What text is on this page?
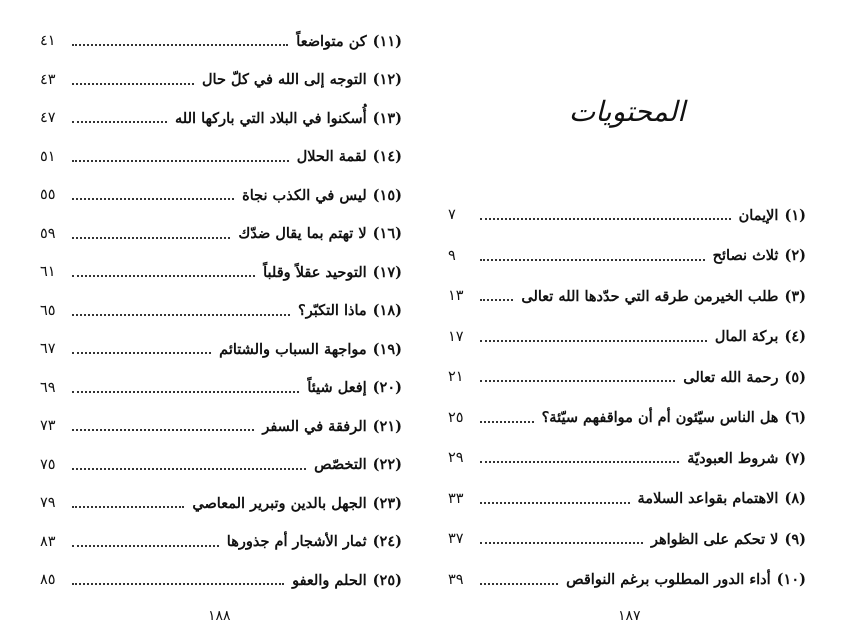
(١١)
كن متواضعاً
٤١
(١٢)
التوجه إلى الله في كلّ حال
٤٣
(١٣)
أُسكنوا في البلاد التي باركها الله
٤٧
(١٤)
لقمة الحلال
٥١
(١٥)
ليس في الكذب نجاة
٥٥
(١٦)
لا تهتم بما يقال ضدّك
٥٩
(١٧)
التوحيد عقلاً وقلباً
٦١
(١٨)
ماذا التكبّر؟
٦٥
(١٩)
مواجهة السباب والشتائم
٦٧
(٢٠)
إفعل شيئاً
٦٩
(٢١)
الرفقة في السفر
٧٣
(٢٢)
التخصّص
٧٥
(٢٣)
الجهل بالدين وتبرير المعاصي
٧٩
(٢٤)
ثمار الأشجار أم جذورها
٨٣
(٢٥)
الحلم والعفو
٨٥
١٨٨
المحتويات
(١)
الإيمان
٧
(٢)
ثلاث نصائح
٩
(٣)
طلب الخيرمن طرقه التي حدّدها الله تعالى
١٣
(٤)
بركة المال
١٧
(٥)
رحمة الله تعالى
٢١
(٦)
هل الناس سيّئون أم أن مواقفهم سيّئة؟
٢٥
(٧)
شروط العبوديّة
٢٩
(٨)
الاهتمام بقواعد السلامة
٣٣
(٩)
لا تحكم على الظواهر
٣٧
(١٠)
أداء الدور المطلوب برغم النواقص
٣٩
١٨٧
